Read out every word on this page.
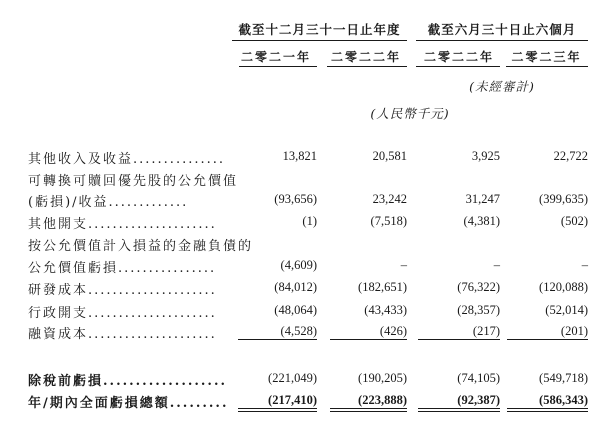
截至十二月三十一日止年度	截至六月三十日止六個月
二零二一年	二零二二年	二零二二年	二零二三年
(未經審計)
(人民幣千元)
其他收入及收益...............	13,821	20,581	3,925	22,722
可轉換可贖回優先股的公允價值
(虧損)/收益.............	(93,656)	23,242	31,247	(399,635)
其他開支.....................	(1)	(7,518)	(4,381)	(502)
按公允價值計入損益的金融負債的
公允價值虧損................	(4,609)	–	–	–
研發成本.....................	(84,012)	(182,651)	(76,322)	(120,088)
行政開支.....................	(48,064)	(43,433)	(28,357)	(52,014)
融資成本.....................	(4,528)	(426)	(217)	(201)
除稅前虧損...................	(221,049)	(190,205)	(74,105)	(549,718)
年/期內全面虧損總額.........	(217,410)	(223,888)	(92,387)	(586,343)
